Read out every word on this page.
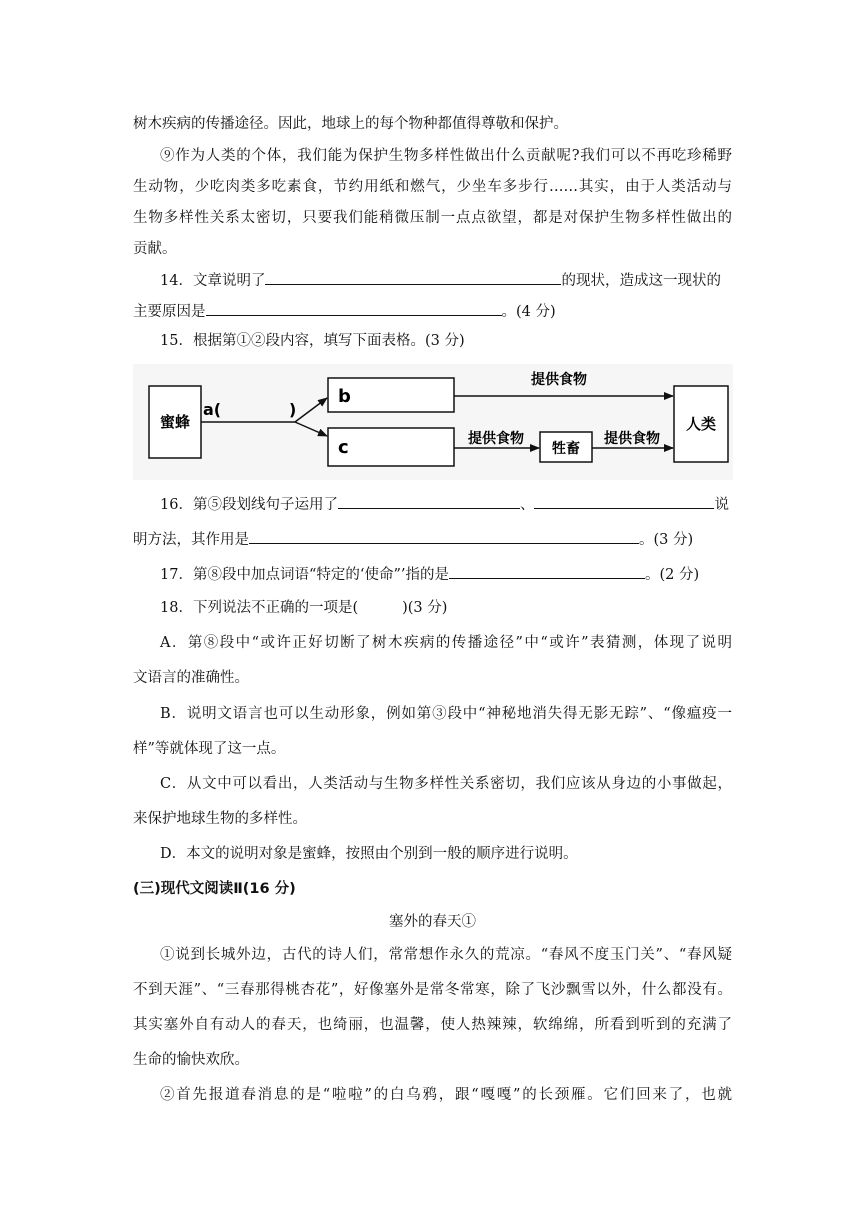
树木疾病的传播途径。因此，地球上的每个物种都值得尊敬和保护。
⑨作为人类的个体，我们能为保护生物多样性做出什么贡献呢?我们可以不再吃珍稀野
生动物，少吃肉类多吃素食，节约用纸和燃气，少坐车多步行……其实，由于人类活动与
生物多样性关系太密切，只要我们能稍微压制一点点欲望，都是对保护生物多样性做出的
贡献。
14．文章说明了	的现状，造成这一现状的
主要原因是	。(4 分)
15．根据第①②段内容，填写下面表格。(3 分)
蜜蜂
a(	)
b
c
提供食物
提供食物
牲畜
提供食物
人类
16．第⑤段划线句子运用了	、	说
明方法，其作用是	。(3 分)
17．第⑧段中加点词语“特定的‘使命”’指的是	。(2 分)
18．下列说法不正确的一项是(	)(3 分)
A．第⑧段中“或许正好切断了树木疾病的传播途径”中“或许”表猜测，体现了说明
文语言的准确性。
B．说明文语言也可以生动形象，例如第③段中“神秘地消失得无影无踪”、“像瘟疫一
样”等就体现了这一点。
C．从文中可以看出，人类活动与生物多样性关系密切，我们应该从身边的小事做起，
来保护地球生物的多样性。
D．本文的说明对象是蜜蜂，按照由个别到一般的顺序进行说明。
(三)现代文阅读Ⅱ(16 分)
塞外的春天①
①说到长城外边，古代的诗人们，常常想作永久的荒凉。“春风不度玉门关”、“春风疑
不到天涯”、“三春那得桃杏花”，好像塞外是常冬常寒，除了飞沙飘雪以外，什么都没有。
其实塞外自有动人的春天，也绮丽，也温馨，使人热辣辣，软绵绵，所看到听到的充满了
生命的愉快欢欣。
②首先报道春消息的是“啦啦”的白乌鸦，跟“嘎嘎”的长颈雁。它们回来了，也就
